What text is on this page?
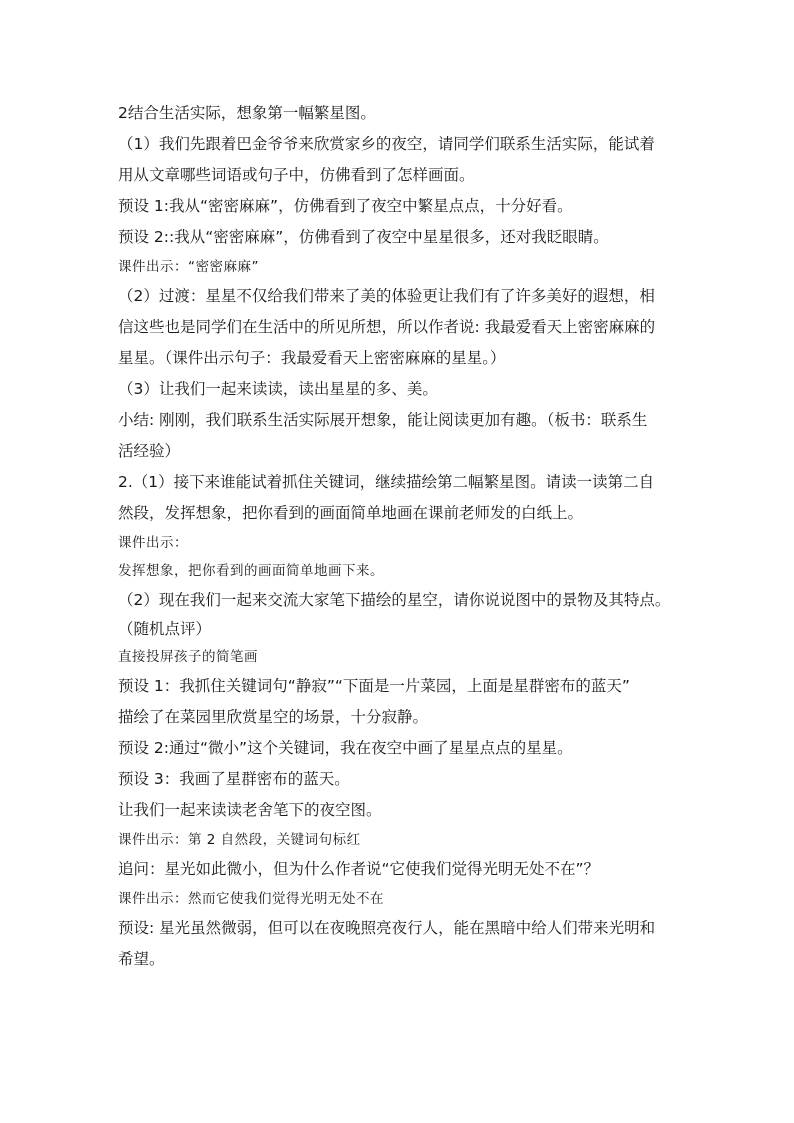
2结合生活实际，想象第一幅繁星图。

（1）我们先跟着巴金爷爷来欣赏家乡的夜空，请同学们联系生活实际，能试着

用从文章哪些词语或句子中，仿佛看到了怎样画面。

预设 1:我从“密密麻麻”，仿佛看到了夜空中繁星点点，十分好看。

预设 2::我从“密密麻麻”，仿佛看到了夜空中星星很多，还对我眨眼睛。

课件出示：“密密麻麻”

（2）过渡：星星不仅给我们带来了美的体验更让我们有了许多美好的遐想，相

信这些也是同学们在生活中的所见所想，所以作者说: 我最爱看天上密密麻麻的

星星。（课件出示句子：我最爱看天上密密麻麻的星星。）

（3）让我们一起来读读，读出星星的多、美。

小结: 刚刚，我们联系生活实际展开想象，能让阅读更加有趣。（板书：联系生

活经验）

2.（1）接下来谁能试着抓住关键词，继续描绘第二幅繁星图。请读一读第二自

然段，发挥想象，把你看到的画面简单地画在课前老师发的白纸上。

课件出示：

发挥想象，把你看到的画面简单地画下来。

（2）现在我们一起来交流大家笔下描绘的星空，请你说说图中的景物及其特点。

（随机点评）

直接投屏孩子的简笔画

预设 1：我抓住关键词句“静寂”“下面是一片菜园，上面是星群密布的蓝天”

描绘了在菜园里欣赏星空的场景，十分寂静。

预设 2:通过“微小”这个关键词，我在夜空中画了星星点点的星星。

预设 3：我画了星群密布的蓝天。

让我们一起来读读老舍笔下的夜空图。

课件出示：第 2 自然段，关键词句标红

追问：星光如此微小，但为什么作者说“它使我们觉得光明无处不在”？

课件出示：然而它使我们觉得光明无处不在

预设: 星光虽然微弱，但可以在夜晚照亮夜行人，能在黑暗中给人们带来光明和

希望。
